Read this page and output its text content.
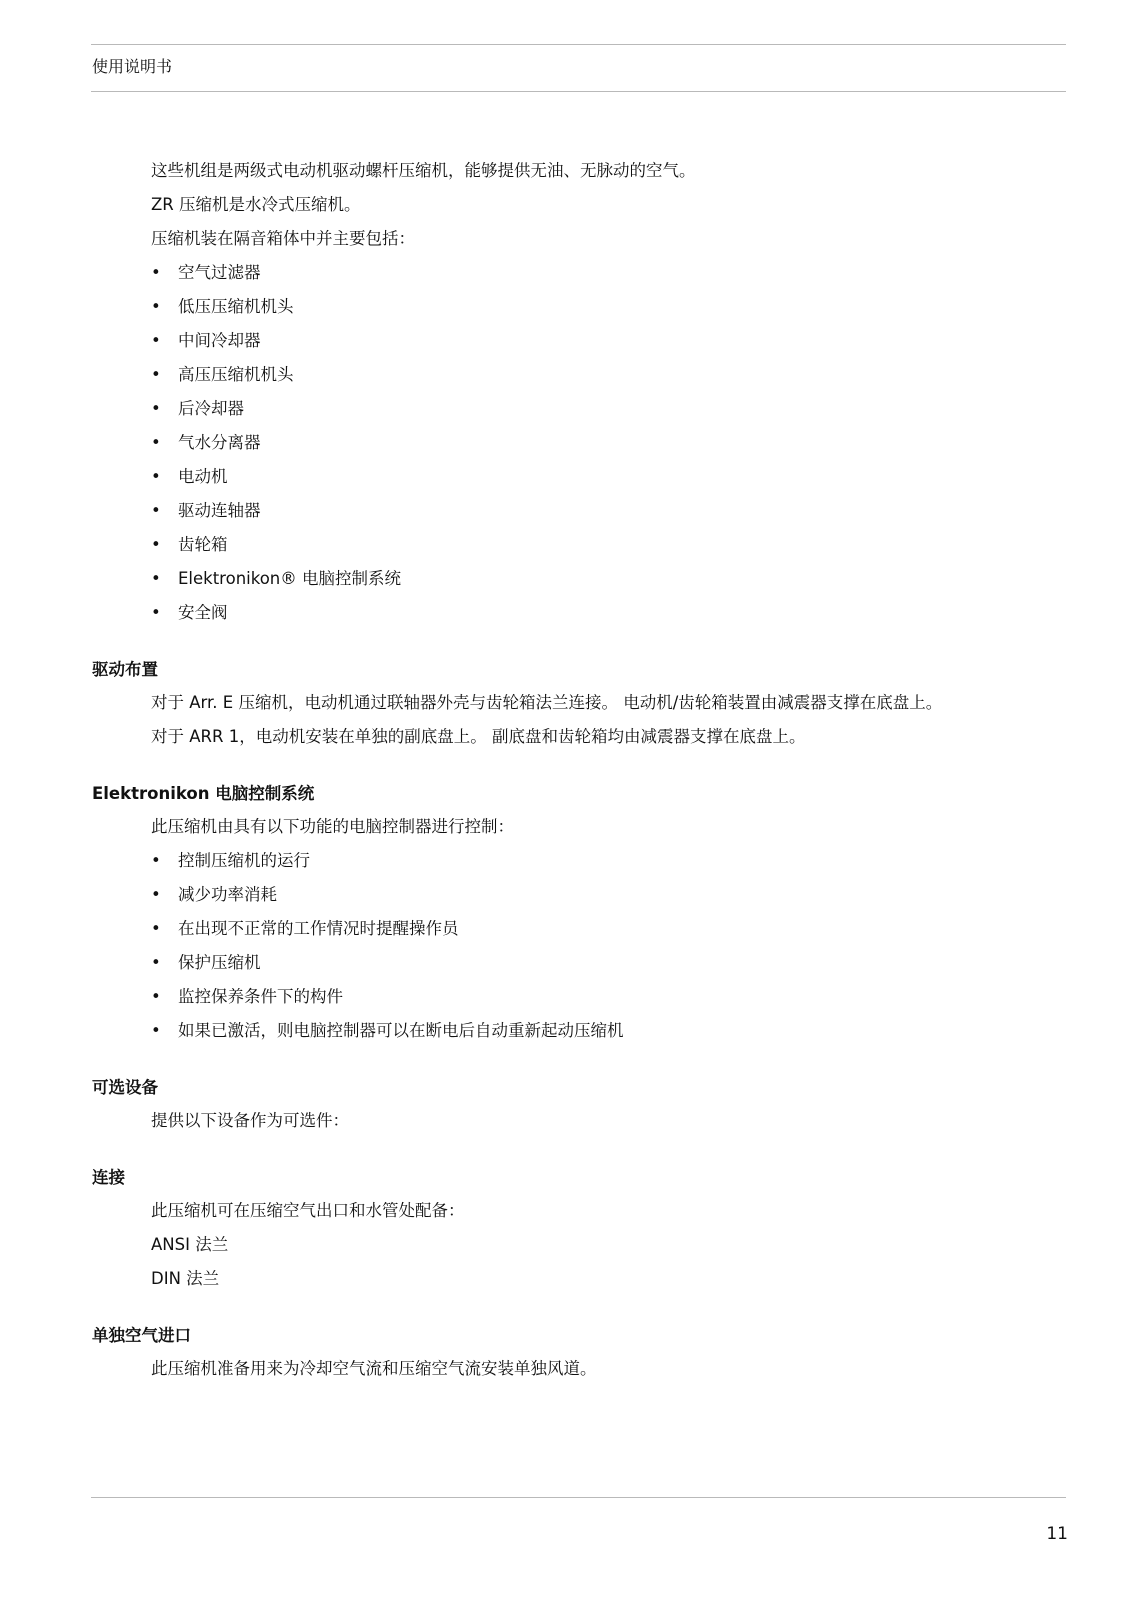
使用说明书
这些机组是两级式电动机驱动螺杆压缩机，能够提供无油、无脉动的空气。
ZR 压缩机是水冷式压缩机。
压缩机装在隔音箱体中并主要包括：
• 空气过滤器
• 低压压缩机机头
• 中间冷却器
• 高压压缩机机头
• 后冷却器
• 气水分离器
• 电动机
• 驱动连轴器
• 齿轮箱
• Elektronikon® 电脑控制系统
• 安全阀
驱动布置
对于 Arr. E 压缩机，电动机通过联轴器外壳与齿轮箱法兰连接。 电动机/齿轮箱装置由减震器支撑在底盘上。
对于 ARR 1，电动机安装在单独的副底盘上。 副底盘和齿轮箱均由减震器支撑在底盘上。
Elektronikon 电脑控制系统
此压缩机由具有以下功能的电脑控制器进行控制：
• 控制压缩机的运行
• 减少功率消耗
• 在出现不正常的工作情况时提醒操作员
• 保护压缩机
• 监控保养条件下的构件
• 如果已激活，则电脑控制器可以在断电后自动重新起动压缩机
可选设备
提供以下设备作为可选件：
连接
此压缩机可在压缩空气出口和水管处配备：
ANSI 法兰
DIN 法兰
单独空气进口
此压缩机准备用来为冷却空气流和压缩空气流安装单独风道。
11
